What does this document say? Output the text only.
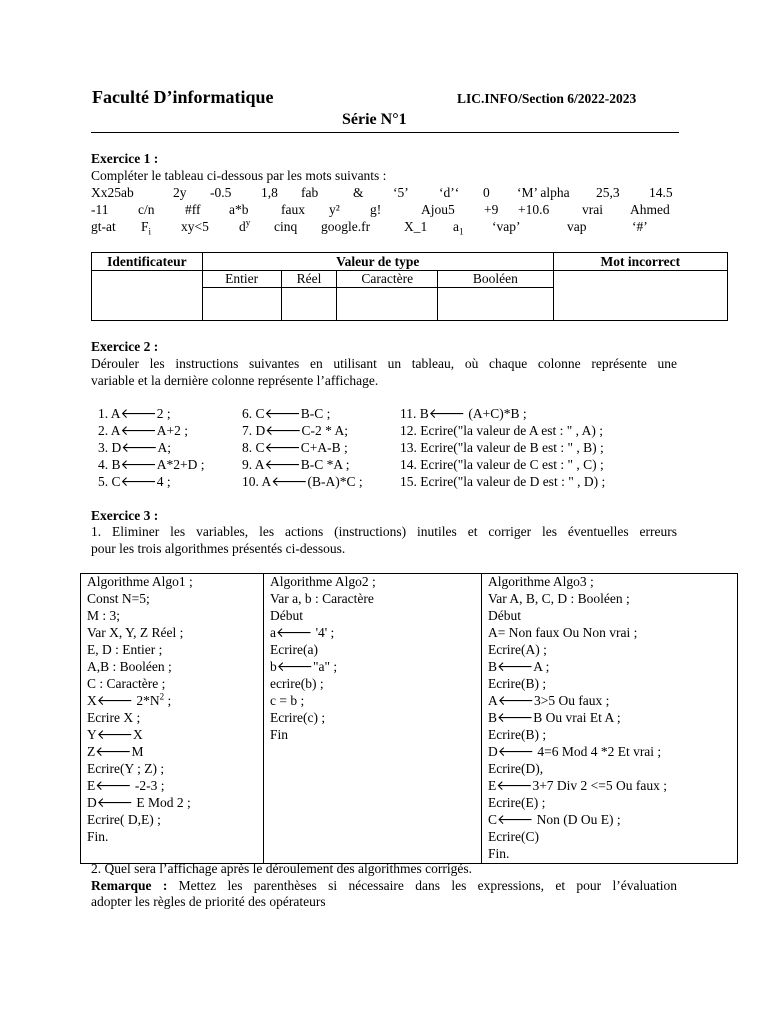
Faculté D’informatique	LIC.INFO/Section 6/2022-2023
Série N°1
Exercice 1 :
Compléter le tableau ci-dessous par les mots suivants :
Xx25ab	2y -0.5 1,8 fab	& ‘5’ ‘d’‘ 0 ‘M’ alpha 25,3 14.5
-11 c/n #ff a*b faux y² g!	Ajou5 +9 +10.6 vrai Ahmed
gt-at $F_i$ xy<5 $d^y$ cinq google.fr	X_1 $a_1$ ‘vap’	vap	‘#’
Identificateur	Valeur de type				Mot incorrect
	Entier	Réel	Caractère	Booléen	

Exercice 2 :
Dérouler les instructions suivantes en utilisant un tableau, où chaque colonne représente une
variable et la dernière colonne représente l’affichage.
1. A🡐2 ;
2. A🡐A+2 ;
3. D🡐A;
4. B🡐A*2+D ;
5. C🡐4 ;
6. C🡐B-C ;
7. D🡐C-2 * A;
8. C🡐C+A-B ;
9. A🡐B-C *A ;
10. A🡐(B-A)*C ;
11. B🡐 (A+C)*B ;
12. Ecrire("la valeur de A est : " , A) ;
13. Ecrire("la valeur de B est : " , B) ;
14. Ecrire("la valeur de C est : " , C) ;
15. Ecrire("la valeur de D est : " , D) ;
Exercice 3 :
1. Eliminer les variables, les actions (instructions) inutiles et corriger les éventuelles erreurs
pour les trois algorithmes présentés ci-dessous.
Algorithme Algo1 ;
Const N=5;
M : 3;
Var X, Y, Z Réel ;
E, D : Entier ;
A,B : Booléen ;
C : Caractère ;
X🡐 $2*N^2$ ;
Ecrire X ;
Y🡐X
Z🡐M
Ecrire(Y ; Z) ;
E🡐 -2-3 ;
D🡐 E Mod 2 ;
Ecrire( D,E) ;
Fin.

Algorithme Algo2 ;
Var a, b : Caractère
Début
a🡐 '4' ;
Ecrire(a)
b🡐"a" ;
ecrire(b) ;
c = b ;
Ecrire(c) ;
Fin

Algorithme Algo3 ;
Var A, B, C, D : Booléen ;
Début
A= Non faux Ou Non vrai ;
Ecrire(A) ;
B🡐A ;
Ecrire(B) ;
A🡐3>5 Ou faux ;
B🡐B Ou vrai Et A ;
Ecrire(B) ;
D🡐 4=6 Mod 4 *2 Et vrai ;
Ecrire(D),
E🡐3+7 Div 2 <=5 Ou faux ;
Ecrire(E) ;
C🡐 Non (D Ou E) ;
Ecrire(C)
Fin.
2. Quel sera l’affichage après le déroulement des algorithmes corrigés.
Remarque : Mettez les parenthèses si nécessaire dans les expressions, et pour l’évaluation
adopter les règles de priorité des opérateurs
